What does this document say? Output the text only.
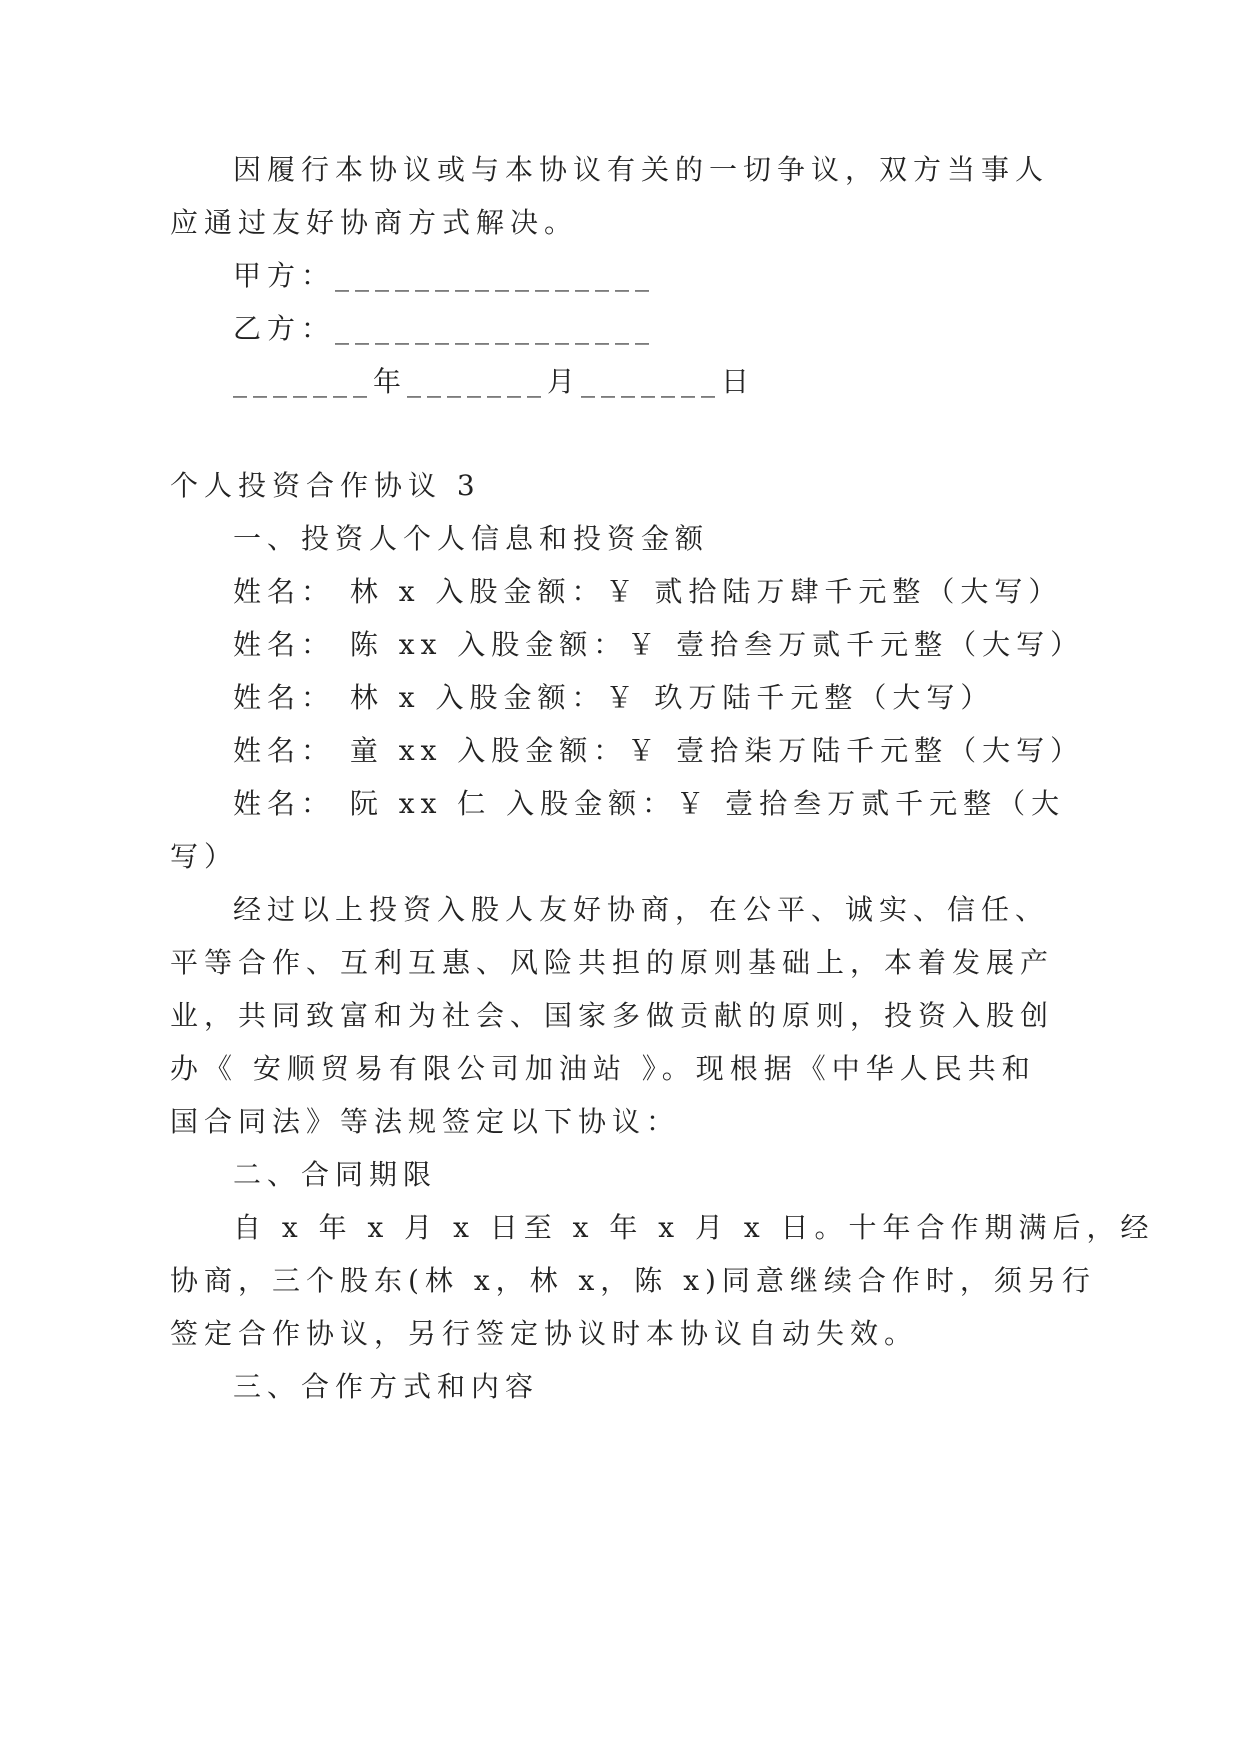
因履行本协议或与本协议有关的一切争议，双方当事人
应通过友好协商方式解决。
甲方：________________
乙方：________________
_______年_______月_______日
个人投资合作协议 3
一、投资人个人信息和投资金额
姓名： 林 x 入股金额：￥ 贰拾陆万肆千元整（大写）
姓名： 陈 xx 入股金额：￥ 壹拾叁万贰千元整（大写）
姓名： 林 x 入股金额：￥ 玖万陆千元整（大写）
姓名： 童 xx 入股金额：￥ 壹拾柒万陆千元整（大写）
姓名： 阮 xx 仁 入股金额：￥ 壹拾叁万贰千元整（大
写）
经过以上投资入股人友好协商，在公平、诚实、信任、
平等合作、互利互惠、风险共担的原则基础上，本着发展产
业，共同致富和为社会、国家多做贡献的原则，投资入股创
办《 安顺贸易有限公司加油站 》。现根据《中华人民共和
国合同法》等法规签定以下协议：
二、合同期限
自 x 年 x 月 x 日至 x 年 x 月 x 日。十年合作期满后，经
协商，三个股东(林 x，林 x，陈 x)同意继续合作时，须另行
签定合作协议，另行签定协议时本协议自动失效。
三、合作方式和内容
